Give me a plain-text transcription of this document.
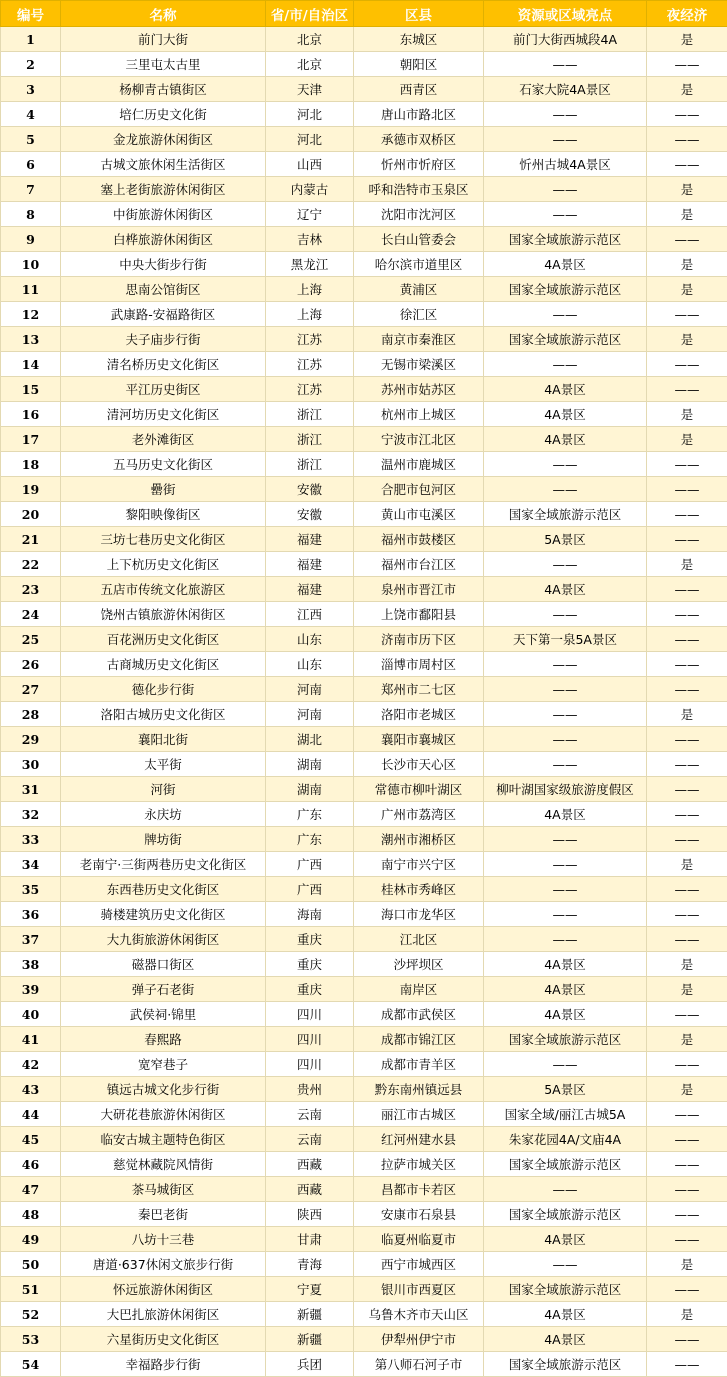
编号	名称	省/市/自治区	区县	资源或区域亮点	夜经济
1	前门大街	北京	东城区	前门大街西城段4A	是
2	三里屯太古里	北京	朝阳区	——	——
3	杨柳青古镇街区	天津	西青区	石家大院4A景区	是
4	培仁历史文化街	河北	唐山市路北区	——	——
5	金龙旅游休闲街区	河北	承德市双桥区	——	——
6	古城文旅休闲生活街区	山西	忻州市忻府区	忻州古城4A景区	——
7	塞上老街旅游休闲街区	内蒙古	呼和浩特市玉泉区	——	是
8	中街旅游休闲街区	辽宁	沈阳市沈河区	——	是
9	白桦旅游休闲街区	吉林	长白山管委会	国家全域旅游示范区	——
10	中央大街步行街	黑龙江	哈尔滨市道里区	4A景区	是
11	思南公馆街区	上海	黄浦区	国家全域旅游示范区	是
12	武康路-安福路街区	上海	徐汇区	——	——
13	夫子庙步行街	江苏	南京市秦淮区	国家全域旅游示范区	是
14	清名桥历史文化街区	江苏	无锡市梁溪区	——	——
15	平江历史街区	江苏	苏州市姑苏区	4A景区	——
16	清河坊历史文化街区	浙江	杭州市上城区	4A景区	是
17	老外滩街区	浙江	宁波市江北区	4A景区	是
18	五马历史文化街区	浙江	温州市鹿城区	——	——
19	罍街	安徽	合肥市包河区	——	——
20	黎阳映像街区	安徽	黄山市屯溪区	国家全域旅游示范区	——
21	三坊七巷历史文化街区	福建	福州市鼓楼区	5A景区	——
22	上下杭历史文化街区	福建	福州市台江区	——	是
23	五店市传统文化旅游区	福建	泉州市晋江市	4A景区	——
24	饶州古镇旅游休闲街区	江西	上饶市鄱阳县	——	——
25	百花洲历史文化街区	山东	济南市历下区	天下第一泉5A景区	——
26	古商城历史文化街区	山东	淄博市周村区	——	——
27	德化步行街	河南	郑州市二七区	——	——
28	洛阳古城历史文化街区	河南	洛阳市老城区	——	是
29	襄阳北街	湖北	襄阳市襄城区	——	——
30	太平街	湖南	长沙市天心区	——	——
31	河街	湖南	常德市柳叶湖区	柳叶湖国家级旅游度假区	——
32	永庆坊	广东	广州市荔湾区	4A景区	——
33	牌坊街	广东	潮州市湘桥区	——	——
34	老南宁·三街两巷历史文化街区	广西	南宁市兴宁区	——	是
35	东西巷历史文化街区	广西	桂林市秀峰区	——	——
36	骑楼建筑历史文化街区	海南	海口市龙华区	——	——
37	大九街旅游休闲街区	重庆	江北区	——	——
38	磁器口街区	重庆	沙坪坝区	4A景区	是
39	弹子石老街	重庆	南岸区	4A景区	是
40	武侯祠·锦里	四川	成都市武侯区	4A景区	——
41	春熙路	四川	成都市锦江区	国家全域旅游示范区	是
42	宽窄巷子	四川	成都市青羊区	——	——
43	镇远古城文化步行街	贵州	黔东南州镇远县	5A景区	是
44	大研花巷旅游休闲街区	云南	丽江市古城区	国家全域/丽江古城5A	——
45	临安古城主题特色街区	云南	红河州建水县	朱家花园4A/文庙4A	——
46	慈觉林藏院风情街	西藏	拉萨市城关区	国家全域旅游示范区	——
47	茶马城街区	西藏	昌都市卡若区	——	——
48	秦巴老街	陕西	安康市石泉县	国家全域旅游示范区	——
49	八坊十三巷	甘肃	临夏州临夏市	4A景区	——
50	唐道·637休闲文旅步行街	青海	西宁市城西区	——	是
51	怀远旅游休闲街区	宁夏	银川市西夏区	国家全域旅游示范区	——
52	大巴扎旅游休闲街区	新疆	乌鲁木齐市天山区	4A景区	是
53	六星街历史文化街区	新疆	伊犁州伊宁市	4A景区	——
54	幸福路步行街	兵团	第八师石河子市	国家全域旅游示范区	——
